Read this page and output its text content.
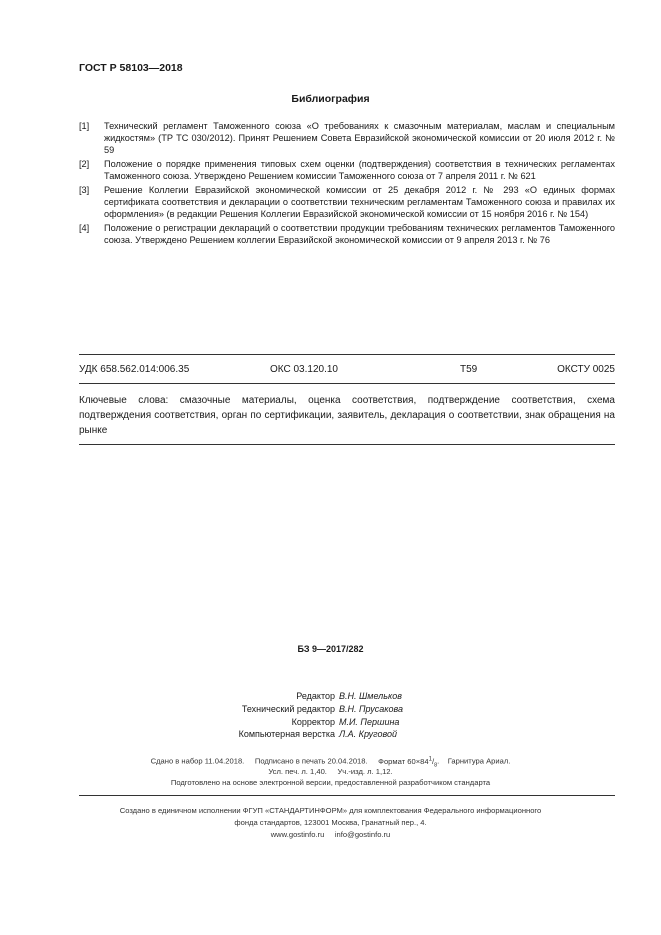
ГОСТ Р 58103—2018
Библиография
[1]	Технический регламент Таможенного союза «О требованиях к смазочным материалам, маслам и специальным жидкостям» (ТР ТС 030/2012). Принят Решением Совета Евразийской экономической комиссии от 20 июля 2012 г. № 59
[2]	Положение о порядке применения типовых схем оценки (подтверждения) соответствия в технических регламентах Таможенного союза. Утверждено Решением комиссии Таможенного союза от 7 апреля 2011 г. № 621
[3]	Решение Коллегии Евразийской экономической комиссии от 25 декабря 2012 г. № 293 «О единых формах сертификата соответствия и декларации о соответствии техническим регламентам Таможенного союза и правилах их оформления» (в редакции Решения Коллегии Евразийской экономической комиссии от 15 ноября 2016 г. № 154)
[4]	Положение о регистрации деклараций о соответствии продукции требованиям технических регламентов Таможенного союза. Утверждено Решением коллегии Евразийской экономической комиссии от 9 апреля 2013 г. № 76
УДК 658.562.014:006.35	ОКС 03.120.10	Т59	ОКСТУ 0025
Ключевые слова: смазочные материалы, оценка соответствия, подтверждение соответствия, схема подтверждения соответствия, орган по сертификации, заявитель, декларация о соответствии, знак обращения на рынке
БЗ 9—2017/282
Редактор В.Н. Шмельков
Технический редактор В.Н. Прусакова
Корректор М.И. Першина
Компьютерная верстка Л.А. Круговой
Сдано в набор 11.04.2018. Подписано в печать 20.04.2018. Формат $60\times 84^1/_8$.    Гарнитура Ариал.
Усл. печ. л. 1,40. Уч.-изд. л. 1,12.
Подготовлено на основе электронной версии, предоставленной разработчиком стандарта
Создано в единичном исполнении ФГУП «СТАНДАРТИНФОРМ» для комплектования Федерального информационного
фонда стандартов, 123001 Москва, Гранатный пер., 4.
www.gostinfo.ru info@gostinfo.ru
